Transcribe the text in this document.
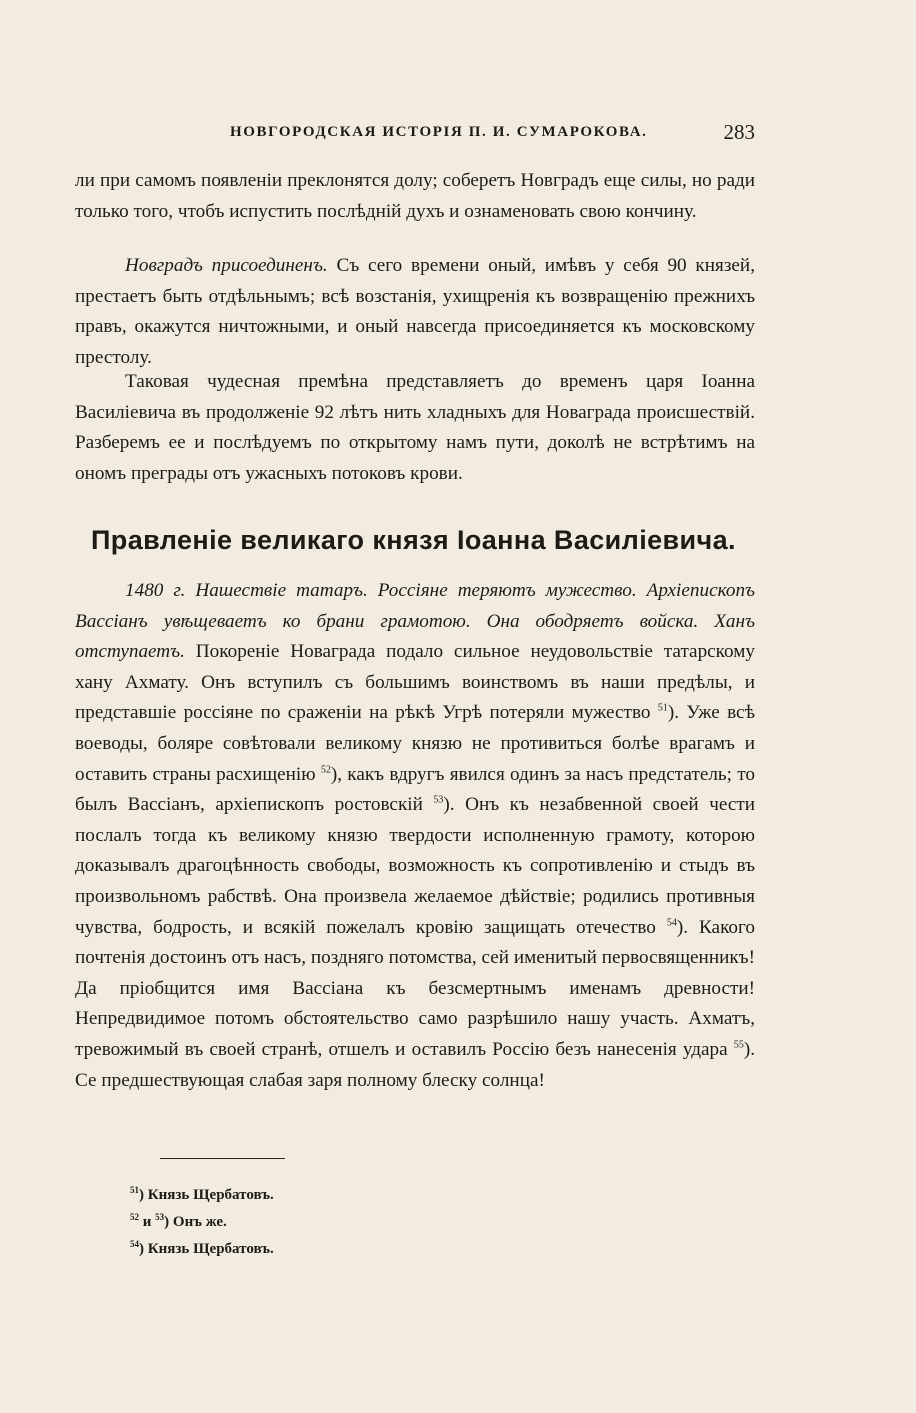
НОВГОРОДСКАЯ ИСТОРІЯ П. И. СУМАРОКОВА.	283
ли при самомъ появленіи преклонятся долу; соберетъ Новградъ еще силы, но ради только того, чтобъ испустить послѣдній духъ и ознаменовать свою кончину.
Новградъ присоединенъ. Съ сего времени оный, имѣвъ у себя 90 князей, престаетъ быть отдѣльнымъ; всѣ возстанія, ухищренія къ возвращенію прежнихъ правъ, окажутся ничтожными, и оный навсегда присоединяется къ московскому престолу.
Таковая чудесная премѣна представляетъ до временъ царя Іоанна Василіевича въ продолженіе 92 лѣтъ нить хладныхъ для Новаграда происшествій. Разберемъ ее и послѣдуемъ по открытому намъ пути, доколѣ не встрѣтимъ на ономъ преграды отъ ужасныхъ потоковъ крови.
Правленіе великаго князя Іоанна Василіевича.
1480 г. Нашествіе татаръ. Россіяне теряютъ мужество. Архіепископъ Вассіанъ увѣщеваетъ ко брани грамотою. Она ободряетъ войска. Ханъ отступаетъ. Покореніе Новаграда подало сильное неудовольствіе татарскому хану Ахмату. Онъ вступилъ съ большимъ воинствомъ въ наши предѣлы, и представшіе россіяне по сраженіи на рѣкѣ Угрѣ потеряли мужество $^{51}$). Уже всѣ воеводы, боляре совѣтовали великому князю не противиться болѣе врагамъ и оставить страны расхищенію $^{52}$), какъ вдругъ явился одинъ за насъ предстатель; то былъ Вассіанъ, архіепископъ ростовскій $^{53}$). Онъ къ незабвенной своей чести послалъ тогда къ великому князю твердости исполненную грамоту, которою доказывалъ драгоцѣнность свободы, возможность къ сопротивленію и стыдъ въ произвольномъ рабствѣ. Она произвела желаемое дѣйствіе; родились противныя чувства, бодрость, и всякій пожелалъ кровію защищать отечество $^{54}$). Какого почтенія достоинъ отъ насъ, поздняго потомства, сей именитый первосвященникъ! Да пріобщится имя Вассіана къ безсмертнымъ именамъ древности! Непредвидимое потомъ обстоятельство само разрѣшило нашу участь. Ахматъ, тревожимый въ своей странѣ, отшелъ и оставилъ Россію безъ нанесенія удара $^{55}$). Се предшествующая слабая заря полному блеску солнца!
$^{51}$) Князь Щербатовъ.
$^{52}$ и $^{53}$) Онъ же.
$^{54}$) Князь Щербатовъ.
